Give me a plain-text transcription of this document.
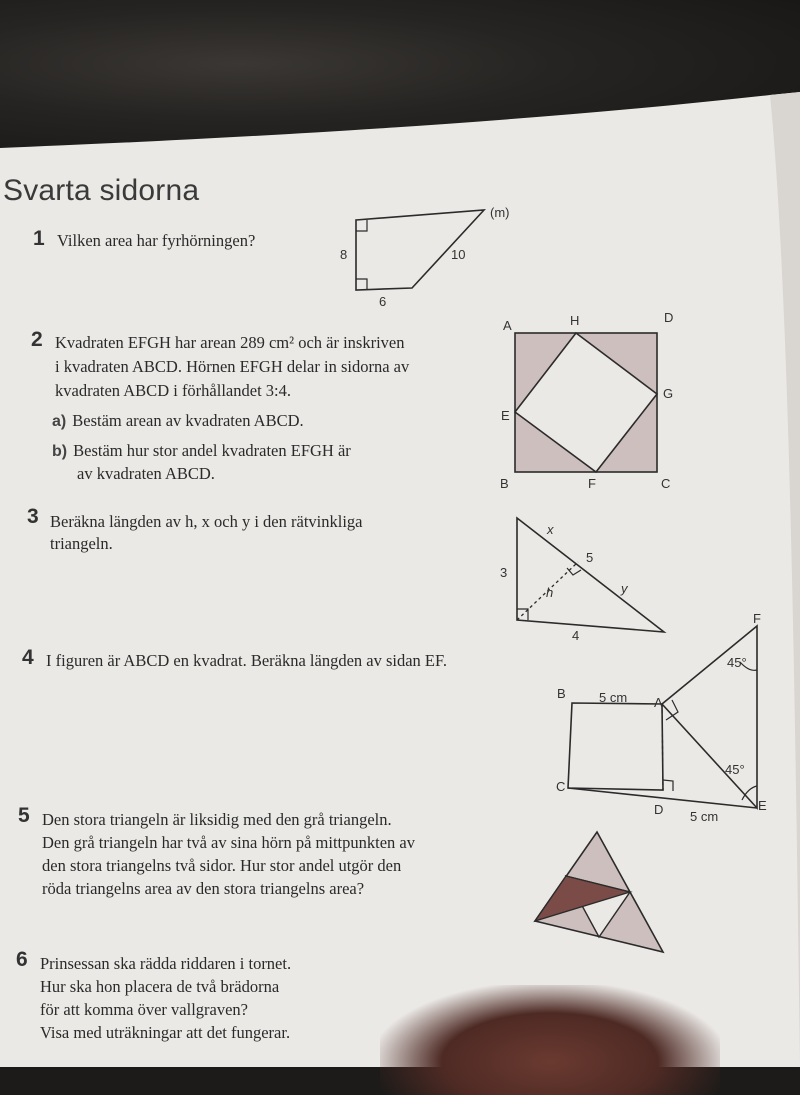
Svarta sidorna
1 Vilken area har fyrhörningen?
(m)
8	10
6
2 Kvadraten EFGH har arean 289 cm² och är inskriven
i kvadraten ABCD. Hörnen EFGH delar in sidorna av
kvadraten ABCD i förhållandet 3:4.
a) Bestäm arean av kvadraten ABCD.
b) Bestäm hur stor andel kvadraten EFGH är
av kvadraten ABCD.
A	H	D
E
G
B	F	C
3 Beräkna längden av h, x och y i den rätvinkliga
triangeln.
x
5
3
h	y
4
4 I figuren är ABCD en kvadrat. Beräkna längden av sidan EF.
F
45°
B	5 cm A
45°
C
E
D 5 cm
5 Den stora triangeln är liksidig med den grå triangeln.
Den grå triangeln har två av sina hörn på mittpunkten av
den stora triangelns två sidor. Hur stor andel utgör den
röda triangelns area av den stora triangelns area?
6 Prinsessan ska rädda riddaren i tornet.
Hur ska hon placera de två brädorna
för att komma över vallgraven?
Visa med uträkningar att det fungerar.
